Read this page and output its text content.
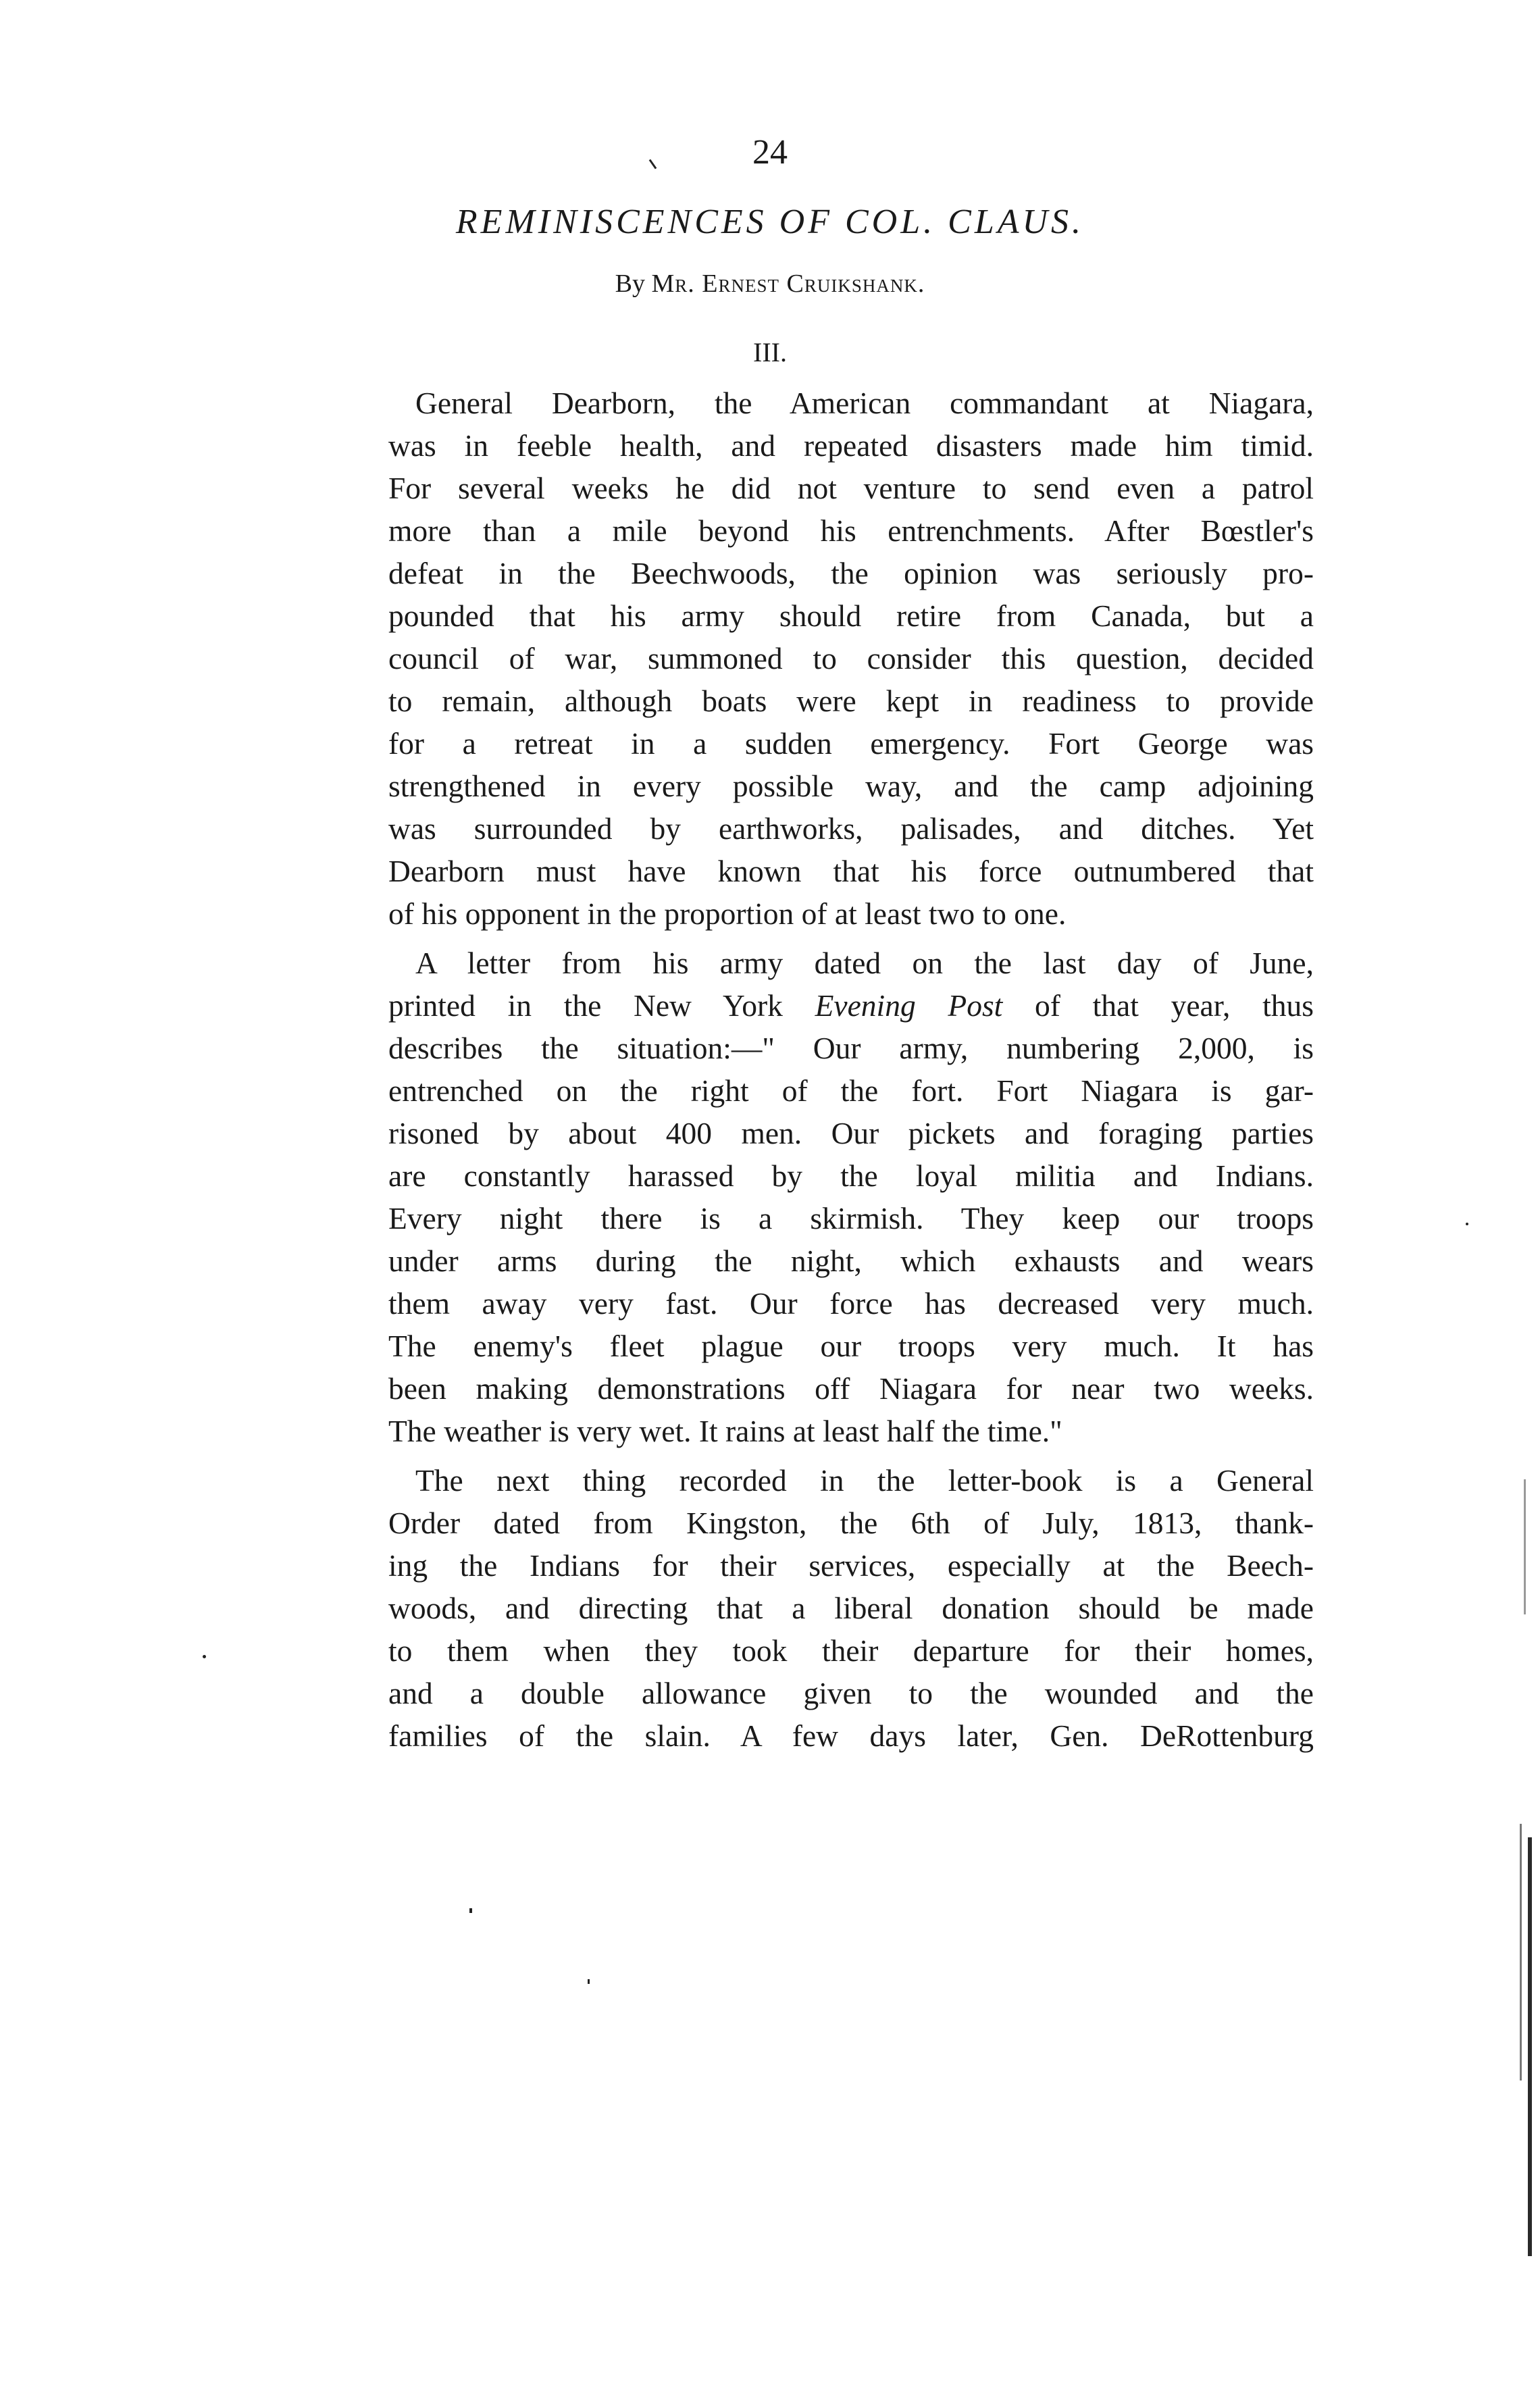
24
REMINISCENCES OF COL. CLAUS.
By Mr. Ernest Cruikshank.
III.
General Dearborn, the American commandant at Niagara,
was in feeble health, and repeated disasters made him timid.
For several weeks he did not venture to send even a patrol
more than a mile beyond his entrenchments. After Bœstler's
defeat in the Beechwoods, the opinion was seriously pro-
pounded that his army should retire from Canada, but a
council of war, summoned to consider this question, decided
to remain, although boats were kept in readiness to provide
for a retreat in a sudden emergency. Fort George was
strengthened in every possible way, and the camp adjoining
was surrounded by earthworks, palisades, and ditches. Yet
Dearborn must have known that his force outnumbered that
of his opponent in the proportion of at least two to one.
A letter from his army dated on the last day of June,
printed in the New York Evening Post of that year, thus
describes the situation:—" Our army, numbering 2,000, is
entrenched on the right of the fort. Fort Niagara is gar-
risoned by about 400 men. Our pickets and foraging parties
are constantly harassed by the loyal militia and Indians.
Every night there is a skirmish. They keep our troops
under arms during the night, which exhausts and wears
them away very fast. Our force has decreased very much.
The enemy's fleet plague our troops very much. It has
been making demonstrations off Niagara for near two weeks.
The weather is very wet. It rains at least half the time."
The next thing recorded in the letter-book is a General
Order dated from Kingston, the 6th of July, 1813, thank-
ing the Indians for their services, especially at the Beech-
woods, and directing that a liberal donation should be made
to them when they took their departure for their homes,
and a double allowance given to the wounded and the
families of the slain. A few days later, Gen. DeRottenburg
